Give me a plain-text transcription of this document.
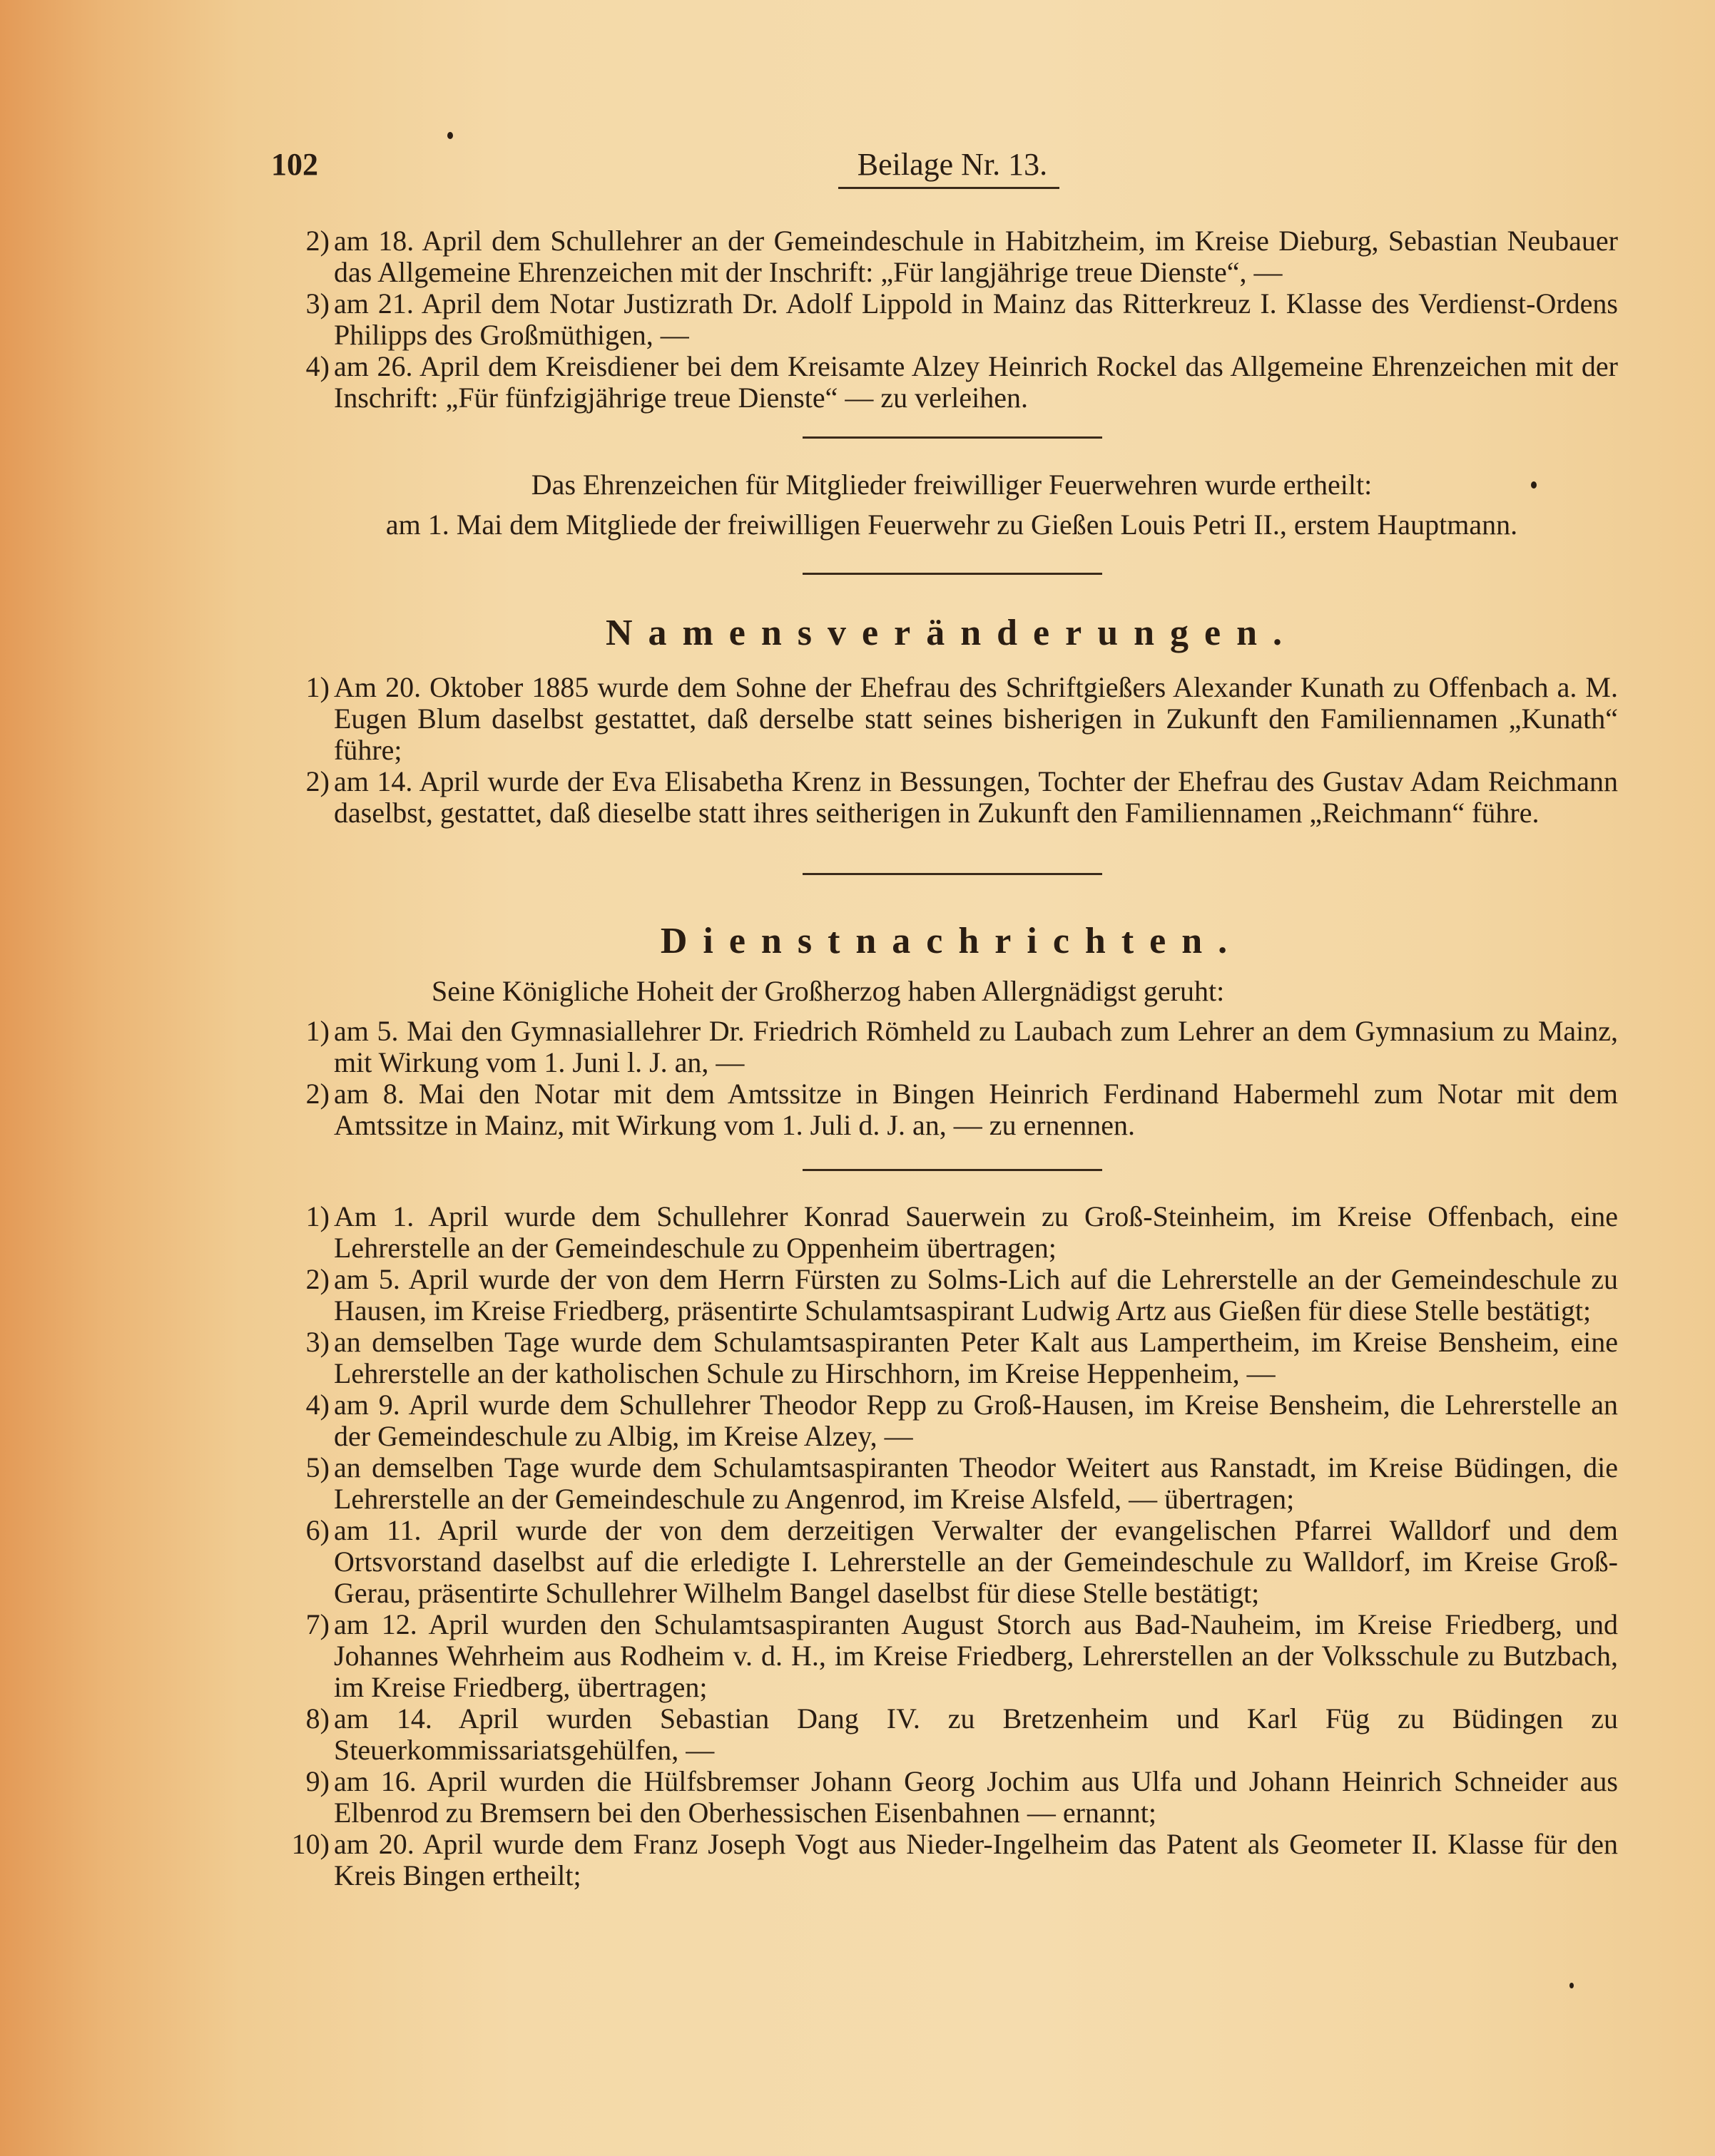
102	Beilage Nr. 13.
2) am 18. April dem Schullehrer an der Gemeindeschule in Habitzheim, im Kreise Dieburg, Sebastian Neubauer das Allgemeine Ehrenzeichen mit der Inschrift: „Für langjährige treue Dienste“, —
3) am 21. April dem Notar Justizrath Dr. Adolf Lippold in Mainz das Ritterkreuz I. Klasse des Verdienst-Ordens Philipps des Großmüthigen, —
4) am 26. April dem Kreisdiener bei dem Kreisamte Alzey Heinrich Rockel das Allgemeine Ehrenzeichen mit der Inschrift: „Für fünfzigjährige treue Dienste“ — zu verleihen.
Das Ehrenzeichen für Mitglieder freiwilliger Feuerwehren wurde ertheilt:
am 1. Mai dem Mitgliede der freiwilligen Feuerwehr zu Gießen Louis Petri II., erstem Hauptmann.
Namensveränderungen.
1) Am 20. Oktober 1885 wurde dem Sohne der Ehefrau des Schriftgießers Alexander Kunath zu Offenbach a. M. Eugen Blum daselbst gestattet, daß derselbe statt seines bisherigen in Zukunft den Familiennamen „Kunath“ führe;
2) am 14. April wurde der Eva Elisabetha Krenz in Bessungen, Tochter der Ehefrau des Gustav Adam Reichmann daselbst, gestattet, daß dieselbe statt ihres seitherigen in Zukunft den Familiennamen „Reichmann“ führe.
Dienstnachrichten.
Seine Königliche Hoheit der Großherzog haben Allergnädigst geruht:
1) am 5. Mai den Gymnasiallehrer Dr. Friedrich Römheld zu Laubach zum Lehrer an dem Gymnasium zu Mainz, mit Wirkung vom 1. Juni l. J. an, —
2) am 8. Mai den Notar mit dem Amtssitze in Bingen Heinrich Ferdinand Habermehl zum Notar mit dem Amtssitze in Mainz, mit Wirkung vom 1. Juli d. J. an, — zu ernennen.
1) Am 1. April wurde dem Schullehrer Konrad Sauerwein zu Groß-Steinheim, im Kreise Offenbach, eine Lehrerstelle an der Gemeindeschule zu Oppenheim übertragen;
2) am 5. April wurde der von dem Herrn Fürsten zu Solms-Lich auf die Lehrerstelle an der Gemeindeschule zu Hausen, im Kreise Friedberg, präsentirte Schulamtsaspirant Ludwig Artz aus Gießen für diese Stelle bestätigt;
3) an demselben Tage wurde dem Schulamtsaspiranten Peter Kalt aus Lampertheim, im Kreise Bensheim, eine Lehrerstelle an der katholischen Schule zu Hirschhorn, im Kreise Heppenheim, —
4) am 9. April wurde dem Schullehrer Theodor Repp zu Groß-Hausen, im Kreise Bensheim, die Lehrerstelle an der Gemeindeschule zu Albig, im Kreise Alzey, —
5) an demselben Tage wurde dem Schulamtsaspiranten Theodor Weitert aus Ranstadt, im Kreise Büdingen, die Lehrerstelle an der Gemeindeschule zu Angenrod, im Kreise Alsfeld, — übertragen;
6) am 11. April wurde der von dem derzeitigen Verwalter der evangelischen Pfarrei Walldorf und dem Ortsvorstand daselbst auf die erledigte I. Lehrerstelle an der Gemeindeschule zu Walldorf, im Kreise Groß-Gerau, präsentirte Schullehrer Wilhelm Bangel daselbst für diese Stelle bestätigt;
7) am 12. April wurden den Schulamtsaspiranten August Storch aus Bad-Nauheim, im Kreise Friedberg, und Johannes Wehrheim aus Rodheim v. d. H., im Kreise Friedberg, Lehrerstellen an der Volksschule zu Butzbach, im Kreise Friedberg, übertragen;
8) am 14. April wurden Sebastian Dang IV. zu Bretzenheim und Karl Füg zu Büdingen zu Steuerkommissariatsgehülfen, —
9) am 16. April wurden die Hülfsbremser Johann Georg Jochim aus Ulfa und Johann Heinrich Schneider aus Elbenrod zu Bremsern bei den Oberhessischen Eisenbahnen — ernannt;
10) am 20. April wurde dem Franz Joseph Vogt aus Nieder-Ingelheim das Patent als Geometer II. Klasse für den Kreis Bingen ertheilt;
